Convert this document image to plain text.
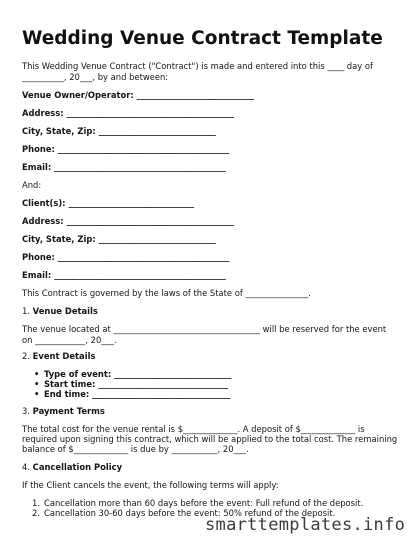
Wedding Venue Contract Template
This Wedding Venue Contract ("Contract") is made and entered into this ____ day of
__________, 20___, by and between:
Venue Owner/Operator: ____________________________
Address: ________________________________________
City, State, Zip: ____________________________
Phone: _________________________________________
Email: _________________________________________
And:
Client(s): ______________________________
Address: ________________________________________
City, State, Zip: ____________________________
Phone: _________________________________________
Email: _________________________________________
This Contract is governed by the laws of the State of _______________.
1. Venue Details
The venue located at ___________________________________ will be reserved for the event
on ____________, 20___.
2. Event Details
• Type of event: ____________________________
• Start time: _______________________________
• End time: _________________________________
3. Payment Terms
The total cost for the venue rental is $_____________. A deposit of $_____________ is
required upon signing this contract, which will be applied to the total cost. The remaining
balance of $_____________ is due by ___________, 20___.
4. Cancellation Policy
If the Client cancels the event, the following terms will apply:
1. Cancellation more than 60 days before the event: Full refund of the deposit.
2. Cancellation 30-60 days before the event: 50% refund of the deposit.
smarttemplates.info
